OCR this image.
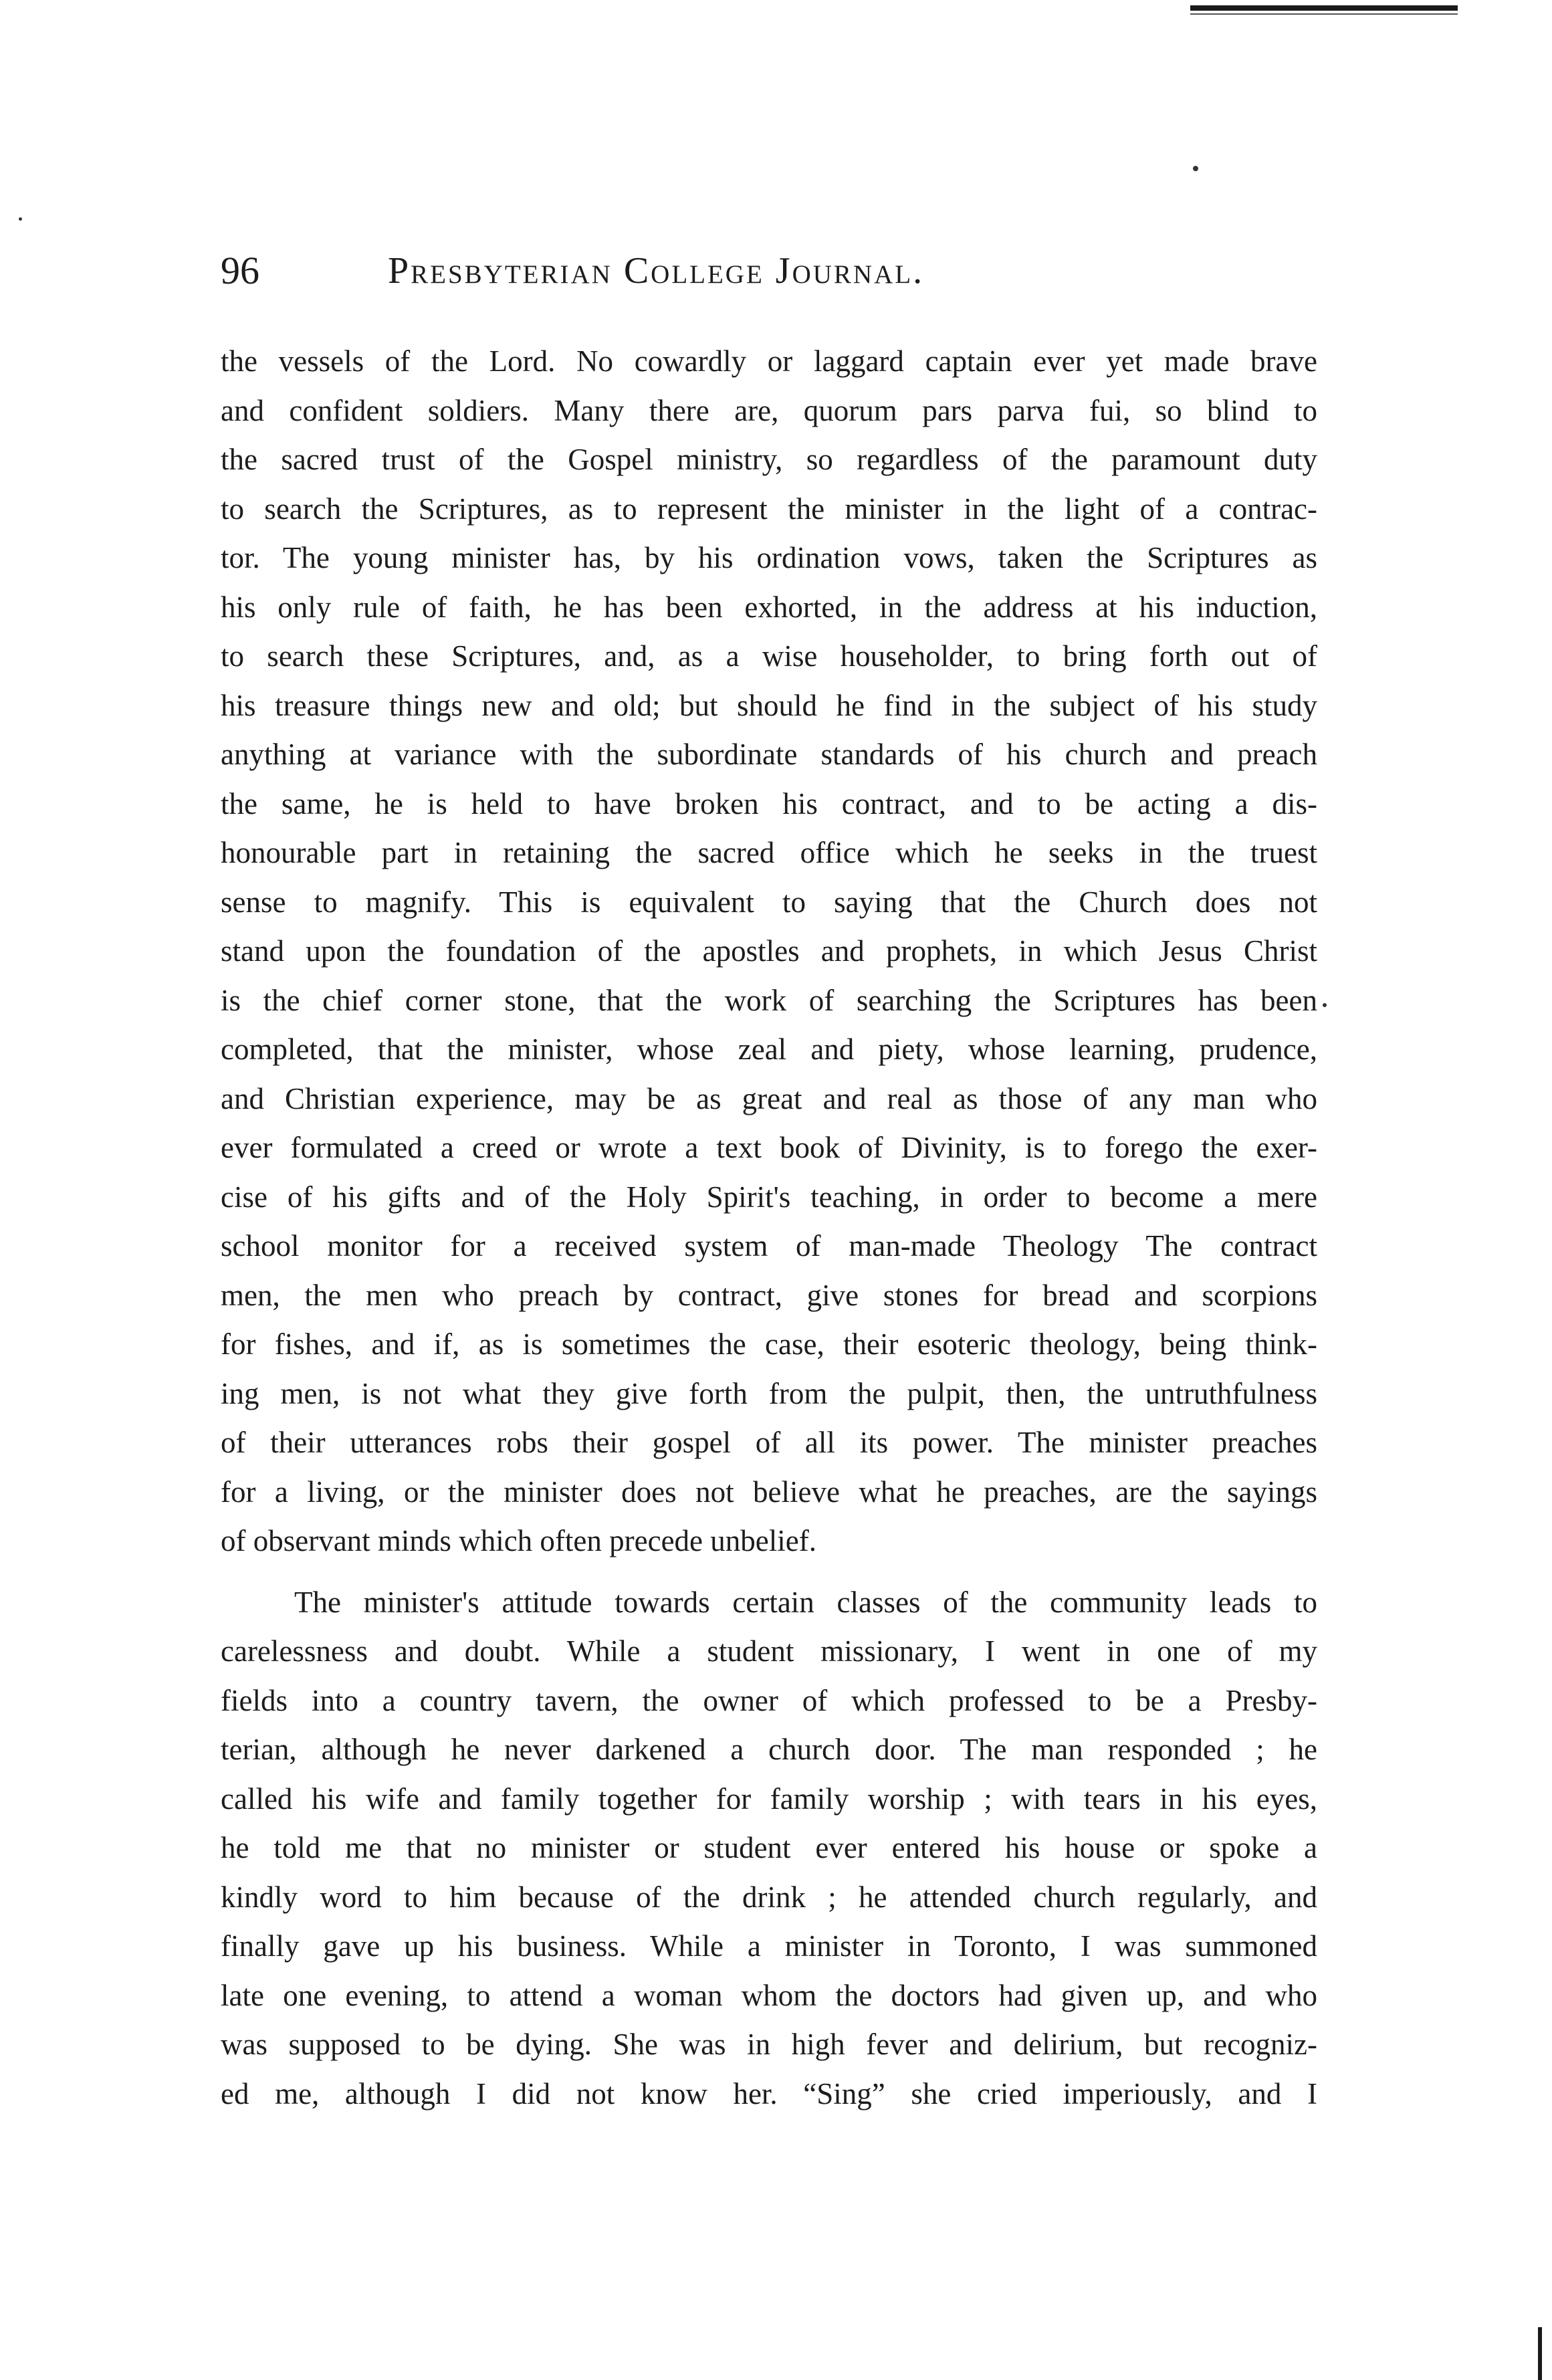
96	Presbyterian College Journal.
the vessels of the Lord. No cowardly or laggard captain ever yet made brave
and confident soldiers. Many there are, quorum pars parva fui, so blind to
the sacred trust of the Gospel ministry, so regardless of the paramount duty
to search the Scriptures, as to represent the minister in the light of a contrac-
tor. The young minister has, by his ordination vows, taken the Scriptures as
his only rule of faith, he has been exhorted, in the address at his induction,
to search these Scriptures, and, as a wise householder, to bring forth out of
his treasure things new and old; but should he find in the subject of his study
anything at variance with the subordinate standards of his church and preach
the same, he is held to have broken his contract, and to be acting a dis-
honourable part in retaining the sacred office which he seeks in the truest
sense to magnify. This is equivalent to saying that the Church does not
stand upon the foundation of the apostles and prophets, in which Jesus Christ
is the chief corner stone, that the work of searching the Scriptures has been
completed, that the minister, whose zeal and piety, whose learning, prudence,
and Christian experience, may be as great and real as those of any man who
ever formulated a creed or wrote a text book of Divinity, is to forego the exer-
cise of his gifts and of the Holy Spirit's teaching, in order to become a mere
school monitor for a received system of man-made Theology The contract
men, the men who preach by contract, give stones for bread and scorpions
for fishes, and if, as is sometimes the case, their esoteric theology, being think-
ing men, is not what they give forth from the pulpit, then, the untruthfulness
of their utterances robs their gospel of all its power. The minister preaches
for a living, or the minister does not believe what he preaches, are the sayings
of observant minds which often precede unbelief.
The minister's attitude towards certain classes of the community leads to
carelessness and doubt. While a student missionary, I went in one of my
fields into a country tavern, the owner of which professed to be a Presby-
terian, although he never darkened a church door. The man responded ; he
called his wife and family together for family worship ; with tears in his eyes,
he told me that no minister or student ever entered his house or spoke a
kindly word to him because of the drink ; he attended church regularly, and
finally gave up his business. While a minister in Toronto, I was summoned
late one evening, to attend a woman whom the doctors had given up, and who
was supposed to be dying. She was in high fever and delirium, but recogniz-
ed me, although I did not know her. “Sing” she cried imperiously, and I
